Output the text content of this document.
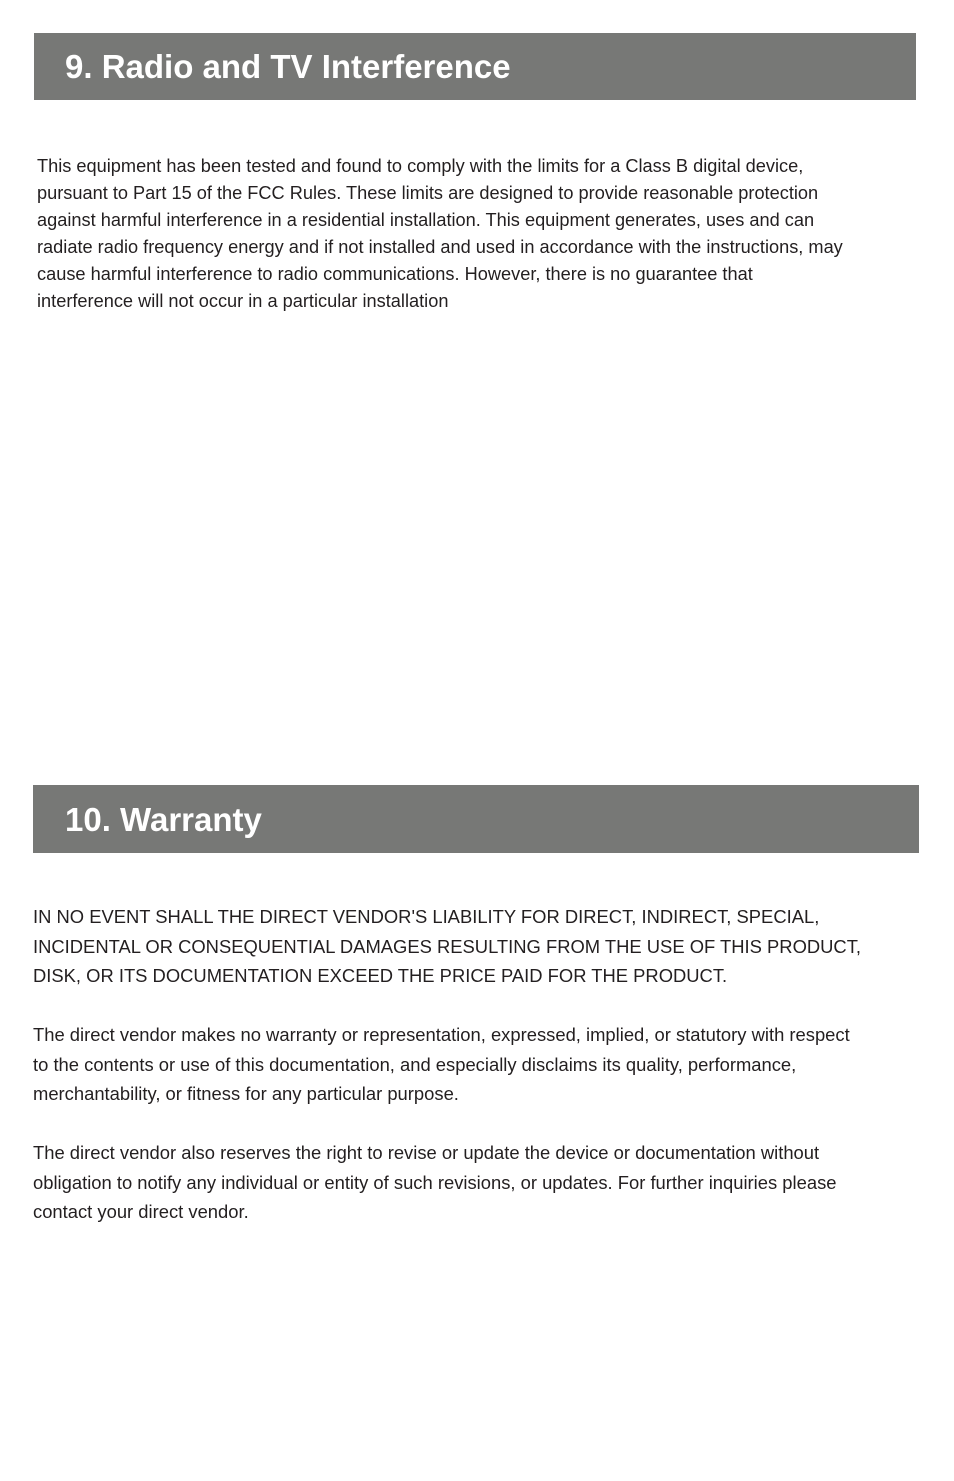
9. Radio and TV Interference

This equipment has been tested and found to comply with the limits for a Class B digital device,
pursuant to Part 15 of the FCC Rules. These limits are designed to provide reasonable protection
against harmful interference in a residential installation. This equipment generates, uses and can
radiate radio frequency energy and if not installed and used in accordance with the instructions, may
cause harmful interference to radio communications. However, there is no guarantee that
interference will not occur in a particular installation

10. Warranty

IN NO EVENT SHALL THE DIRECT VENDOR'S LIABILITY FOR DIRECT, INDIRECT, SPECIAL,
INCIDENTAL OR CONSEQUENTIAL DAMAGES RESULTING FROM THE USE OF THIS PRODUCT,
DISK, OR ITS DOCUMENTATION EXCEED THE PRICE PAID FOR THE PRODUCT.

The direct vendor makes no warranty or representation, expressed, implied, or statutory with respect
to the contents or use of this documentation, and especially disclaims its quality, performance,
merchantability, or fitness for any particular purpose.

The direct vendor also reserves the right to revise or update the device or documentation without
obligation to notify any individual or entity of such revisions, or updates. For further inquiries please
contact your direct vendor.
